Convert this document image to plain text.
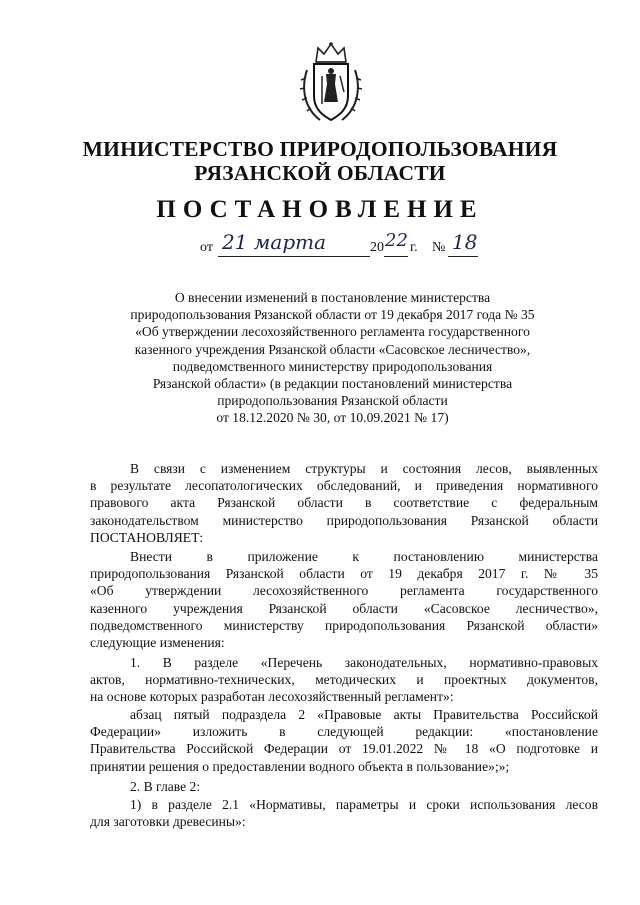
МИНИСТЕРСТВО ПРИРОДОПОЛЬЗОВАНИЯ
РЯЗАНСКОЙ ОБЛАСТИ
ПОСТАНОВЛЕНИЕ
от 21 марта	20 22 г. № 18
О внесении изменений в постановление министерства
природопользования Рязанской области от 19 декабря 2017 года № 35
«Об утверждении лесохозяйственного регламента государственного
казенного учреждения Рязанской области «Сасовское лесничество»,
подведомственного министерству природопользования
Рязанской области» (в редакции постановлений министерства
природопользования Рязанской области
от 18.12.2020 № 30, от 10.09.2021 № 17)
В связи с изменением структуры и состояния лесов, выявленных
в результате лесопатологических обследований, и приведения нормативного
правового акта Рязанской области в соответствие с федеральным
законодательством министерство природопользования Рязанской области
ПОСТАНОВЛЯЕТ:
Внести в приложение к постановлению министерства
природопользования Рязанской области от 19 декабря 2017 г. № 35
«Об утверждении лесохозяйственного регламента государственного
казенного учреждения Рязанской области «Сасовское лесничество»,
подведомственного министерству природопользования Рязанской области»
следующие изменения:
1. В разделе «Перечень законодательных, нормативно-правовых
актов, нормативно-технических, методических и проектных документов,
на основе которых разработан лесохозяйственный регламент»:
абзац пятый подраздела 2 «Правовые акты Правительства Российской
Федерации» изложить в следующей редакции: «постановление
Правительства Российской Федерации от 19.01.2022 № 18 «О подготовке и
принятии решения о предоставлении водного объекта в пользование»;»;
2. В главе 2:
1) в разделе 2.1 «Нормативы, параметры и сроки использования лесов
для заготовки древесины»:
